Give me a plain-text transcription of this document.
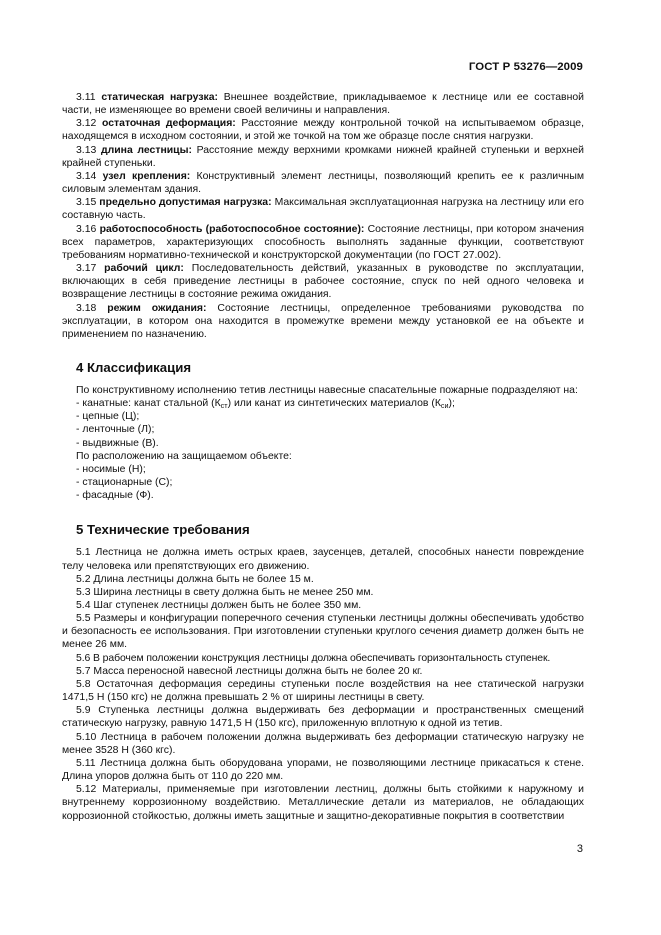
ГОСТ Р 53276—2009

3.11 статическая нагрузка: Внешнее воздействие, прикладываемое к лестнице или ее составной части, не изменяющее во времени своей величины и направления.

3.12 остаточная деформация: Расстояние между контрольной точкой на испытываемом образце, находящемся в исходном состоянии, и этой же точкой на том же образце после снятия нагрузки.

3.13 длина лестницы: Расстояние между верхними кромками нижней крайней ступеньки и верхней крайней ступеньки.

3.14 узел крепления: Конструктивный элемент лестницы, позволяющий крепить ее к различным силовым элементам здания.

3.15 предельно допустимая нагрузка: Максимальная эксплуатационная нагрузка на лестницу или его составную часть.

3.16 работоспособность (работоспособное состояние): Состояние лестницы, при котором значения всех параметров, характеризующих способность выполнять заданные функции, соответствуют требованиям нормативно-технической и конструкторской документации (по ГОСТ 27.002).

3.17 рабочий цикл: Последовательность действий, указанных в руководстве по эксплуатации, включающих в себя приведение лестницы в рабочее состояние, спуск по ней одного человека и возвращение лестницы в состояние режима ожидания.

3.18 режим ожидания: Состояние лестницы, определенное требованиями руководства по эксплуатации, в котором она находится в промежутке времени между установкой ее на объекте и применением по назначению.

4 Классификация

По конструктивному исполнению тетив лестницы навесные спасательные пожарные подразделяют на:

- канатные: канат стальной $(К_{ст})$ или канат из синтетических материалов $(К_{си})$;

- цепные (Ц);

- ленточные (Л);

- выдвижные (В).

По расположению на защищаемом объекте:

- носимые (Н);

- стационарные (С);

- фасадные (Ф).

5 Технические требования

5.1 Лестница не должна иметь острых краев, заусенцев, деталей, способных нанести повреждение телу человека или препятствующих его движению.

5.2 Длина лестницы должна быть не более 15 м.

5.3 Ширина лестницы в свету должна быть не менее 250 мм.

5.4 Шаг ступенек лестницы должен быть не более 350 мм.

5.5 Размеры и конфигурации поперечного сечения ступеньки лестницы должны обеспечивать удобство и безопасность ее использования. При изготовлении ступеньки круглого сечения диаметр должен быть не менее 26 мм.

5.6 В рабочем положении конструкция лестницы должна обеспечивать горизонтальность ступенек.

5.7 Масса переносной навесной лестницы должна быть не более 20 кг.

5.8 Остаточная деформация середины ступеньки после воздействия на нее статической нагрузки 1471,5 Н (150 кгс) не должна превышать 2 % от ширины лестницы в свету.

5.9 Ступенька лестницы должна выдерживать без деформации и пространственных смещений статическую нагрузку, равную 1471,5 Н (150 кгс), приложенную вплотную к одной из тетив.

5.10 Лестница в рабочем положении должна выдерживать без деформации статическую нагрузку не менее 3528 Н (360 кгс).

5.11 Лестница должна быть оборудована упорами, не позволяющими лестнице прикасаться к стене. Длина упоров должна быть от 110 до 220 мм.

5.12 Материалы, применяемые при изготовлении лестниц, должны быть стойкими к наружному и внутреннему коррозионному воздействию. Металлические детали из материалов, не обладающих коррозионной стойкостью, должны иметь защитные и защитно-декоративные покрытия в соответствии

3
